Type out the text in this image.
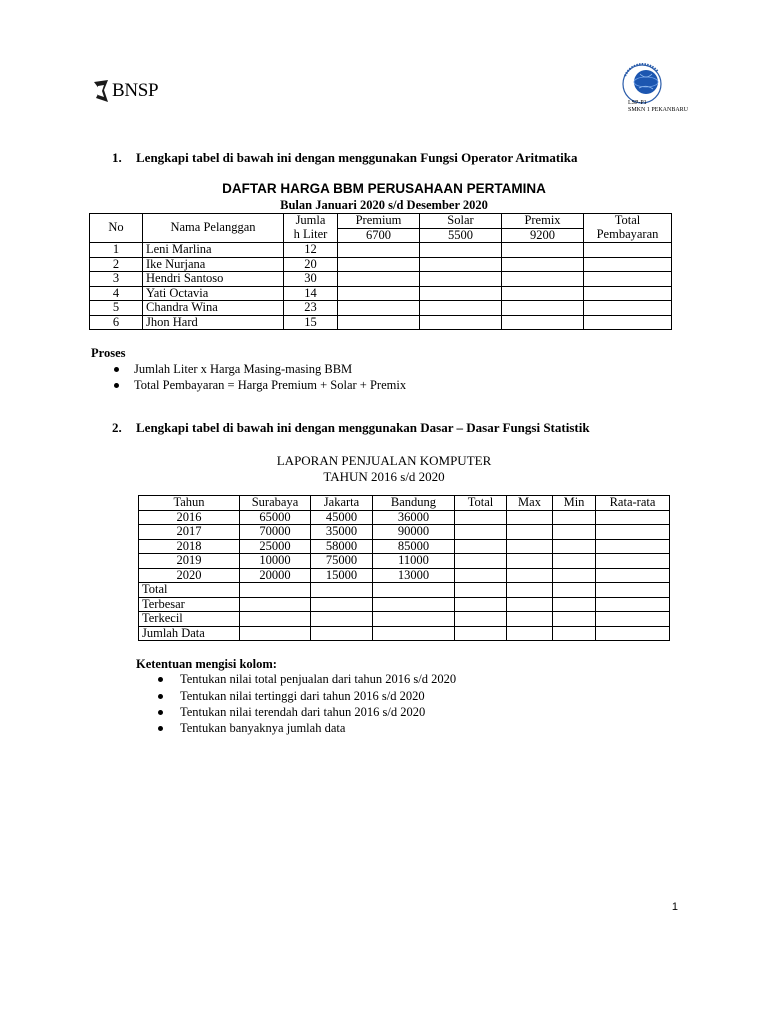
BNSP
LSP-P1
SMKN 1 PEKANBARU
1. Lengkapi tabel di bawah ini dengan menggunakan Fungsi Operator Aritmatika
DAFTAR HARGA BBM PERUSAHAAN PERTAMINA
Bulan Januari 2020 s/d Desember 2020
No	Nama Pelanggan	Jumla	Premium	Solar	Premix	Total
		h Liter	6700	5500	9200	Pembayaran
1	Leni Marlina	12				
2	Ike Nurjana	20				
3	Hendri Santoso	30				
4	Yati Octavia	14				
5	Chandra Wina	23				
6	Jhon Hard	15				
Proses
Jumlah Liter x Harga Masing-masing BBM
Total Pembayaran = Harga Premium + Solar + Premix
2. Lengkapi tabel di bawah ini dengan menggunakan Dasar – Dasar Fungsi Statistik
LAPORAN PENJUALAN KOMPUTER
TAHUN 2016 s/d 2020
Tahun	Surabaya	Jakarta	Bandung	Total	Max	Min	Rata-rata
2016	65000	45000	36000				
2017	70000	35000	90000				
2018	25000	58000	85000				
2019	10000	75000	11000				
2020	20000	15000	13000				
Total							
Terbesar							
Terkecil							
Jumlah Data							
Ketentuan mengisi kolom:
Tentukan nilai total penjualan dari tahun 2016 s/d 2020
Tentukan nilai tertinggi dari tahun 2016 s/d 2020
Tentukan nilai terendah dari tahun 2016 s/d 2020
Tentukan banyaknya jumlah data
1
